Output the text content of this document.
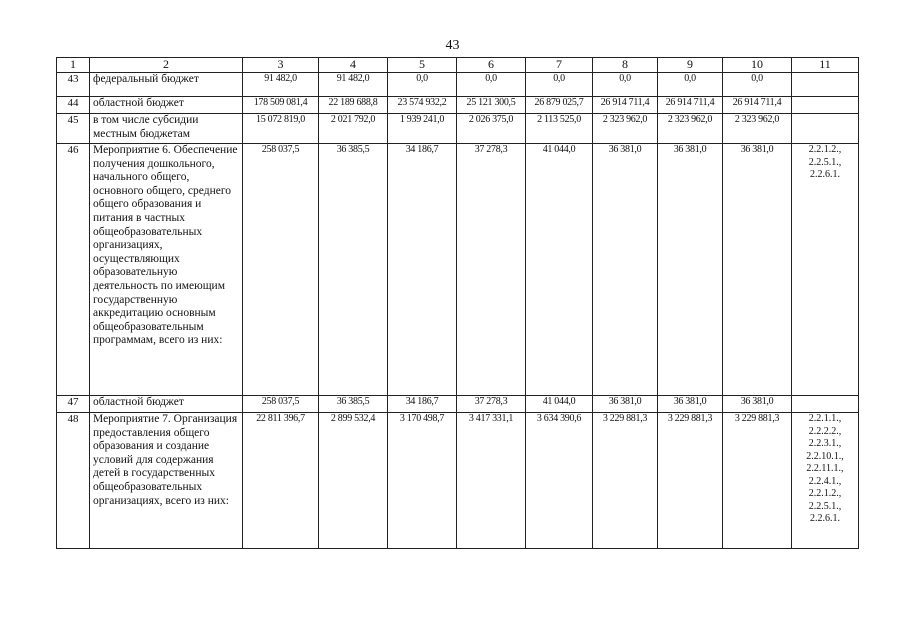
43
1	2	3	4	5	6	7	8	9	10	11
43	федеральный бюджет	91 482,0	91 482,0	0,0	0,0	0,0	0,0	0,0	0,0	
44	областной бюджет	178 509 081,4	22 189 688,8	23 574 932,2	25 121 300,5	26 879 025,7	26 914 711,4	26 914 711,4	26 914 711,4	
45	в том числе субсидии местным бюджетам	15 072 819,0	2 021 792,0	1 939 241,0	2 026 375,0	2 113 525,0	2 323 962,0	2 323 962,0	2 323 962,0	
46	Мероприятие 6. Обеспечение получения дошкольного, начального общего, основного общего, среднего общего образования и питания в частных общеобразовательных организациях, осуществляющих образовательную деятельность по имеющим государственную аккредитацию основным общеобразовательным программам, всего из них:	258 037,5	36 385,5	34 186,7	37 278,3	41 044,0	36 381,0	36 381,0	36 381,0	2.2.1.2., 2.2.5.1., 2.2.6.1.
47	областной бюджет	258 037,5	36 385,5	34 186,7	37 278,3	41 044,0	36 381,0	36 381,0	36 381,0	
48	Мероприятие 7. Организация предоставления общего образования и создание условий для содержания детей в государственных общеобразовательных организациях, всего из них:	22 811 396,7	2 899 532,4	3 170 498,7	3 417 331,1	3 634 390,6	3 229 881,3	3 229 881,3	3 229 881,3	2.2.1.1., 2.2.2.2., 2.2.3.1., 2.2.10.1., 2.2.11.1., 2.2.4.1., 2.2.1.2., 2.2.5.1., 2.2.6.1.
